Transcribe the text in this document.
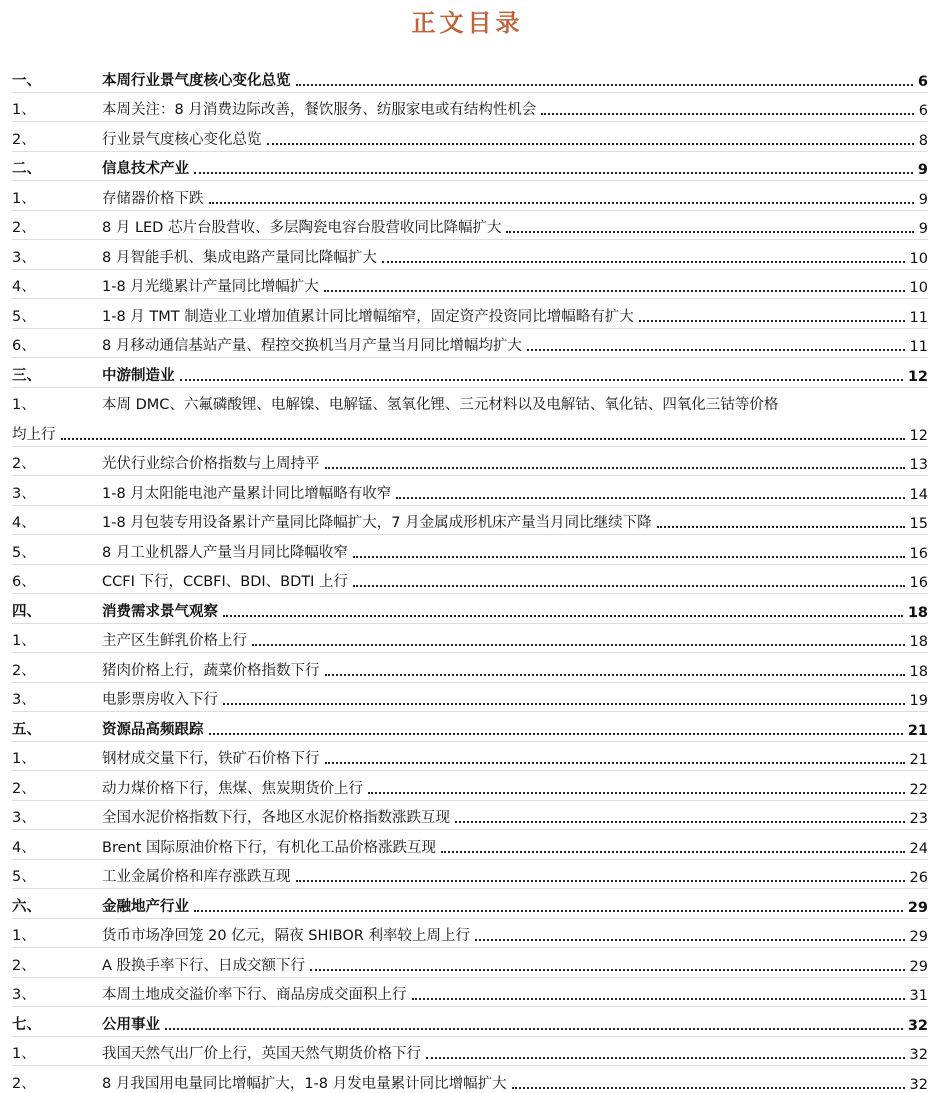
正文目录
一、	本周行业景气度核心变化总览	6
1、	本周关注：8 月消费边际改善，餐饮服务、纺服家电或有结构性机会	6
2、	行业景气度核心变化总览	8
二、	信息技术产业	9
1、	存储器价格下跌	9
2、	8 月 LED 芯片台股营收、多层陶瓷电容台股营收同比降幅扩大	9
3、	8 月智能手机、集成电路产量同比降幅扩大	10
4、	1-8 月光缆累计产量同比增幅扩大	10
5、	1-8 月 TMT 制造业工业增加值累计同比增幅缩窄，固定资产投资同比增幅略有扩大	11
6、	8 月移动通信基站产量、程控交换机当月产量当月同比增幅均扩大	11
三、	中游制造业	12
1、	本周 DMC、六氟磷酸锂、电解镍、电解锰、氢氧化锂、三元材料以及电解钴、氧化钴、四氧化三钴等价格
均上行	12
2、	光伏行业综合价格指数与上周持平	13
3、	1-8 月太阳能电池产量累计同比增幅略有收窄	14
4、	1-8 月包装专用设备累计产量同比降幅扩大，7 月金属成形机床产量当月同比继续下降	15
5、	8 月工业机器人产量当月同比降幅收窄	16
6、	CCFI 下行，CCBFI、BDI、BDTI 上行	16
四、	消费需求景气观察	18
1、	主产区生鲜乳价格上行	18
2、	猪肉价格上行，蔬菜价格指数下行	18
3、	电影票房收入下行	19
五、	资源品高频跟踪	21
1、	钢材成交量下行，铁矿石价格下行	21
2、	动力煤价格下行，焦煤、焦炭期货价上行	22
3、	全国水泥价格指数下行，各地区水泥价格指数涨跌互现	23
4、	Brent 国际原油价格下行，有机化工品价格涨跌互现	24
5、	工业金属价格和库存涨跌互现	26
六、	金融地产行业	29
1、	货币市场净回笼 20 亿元，隔夜 SHIBOR 利率较上周上行	29
2、	A 股换手率下行、日成交额下行	29
3、	本周土地成交溢价率下行、商品房成交面积上行	31
七、	公用事业	32
1、	我国天然气出厂价上行，英国天然气期货价格下行	32
2、	8 月我国用电量同比增幅扩大，1-8 月发电量累计同比增幅扩大	32
